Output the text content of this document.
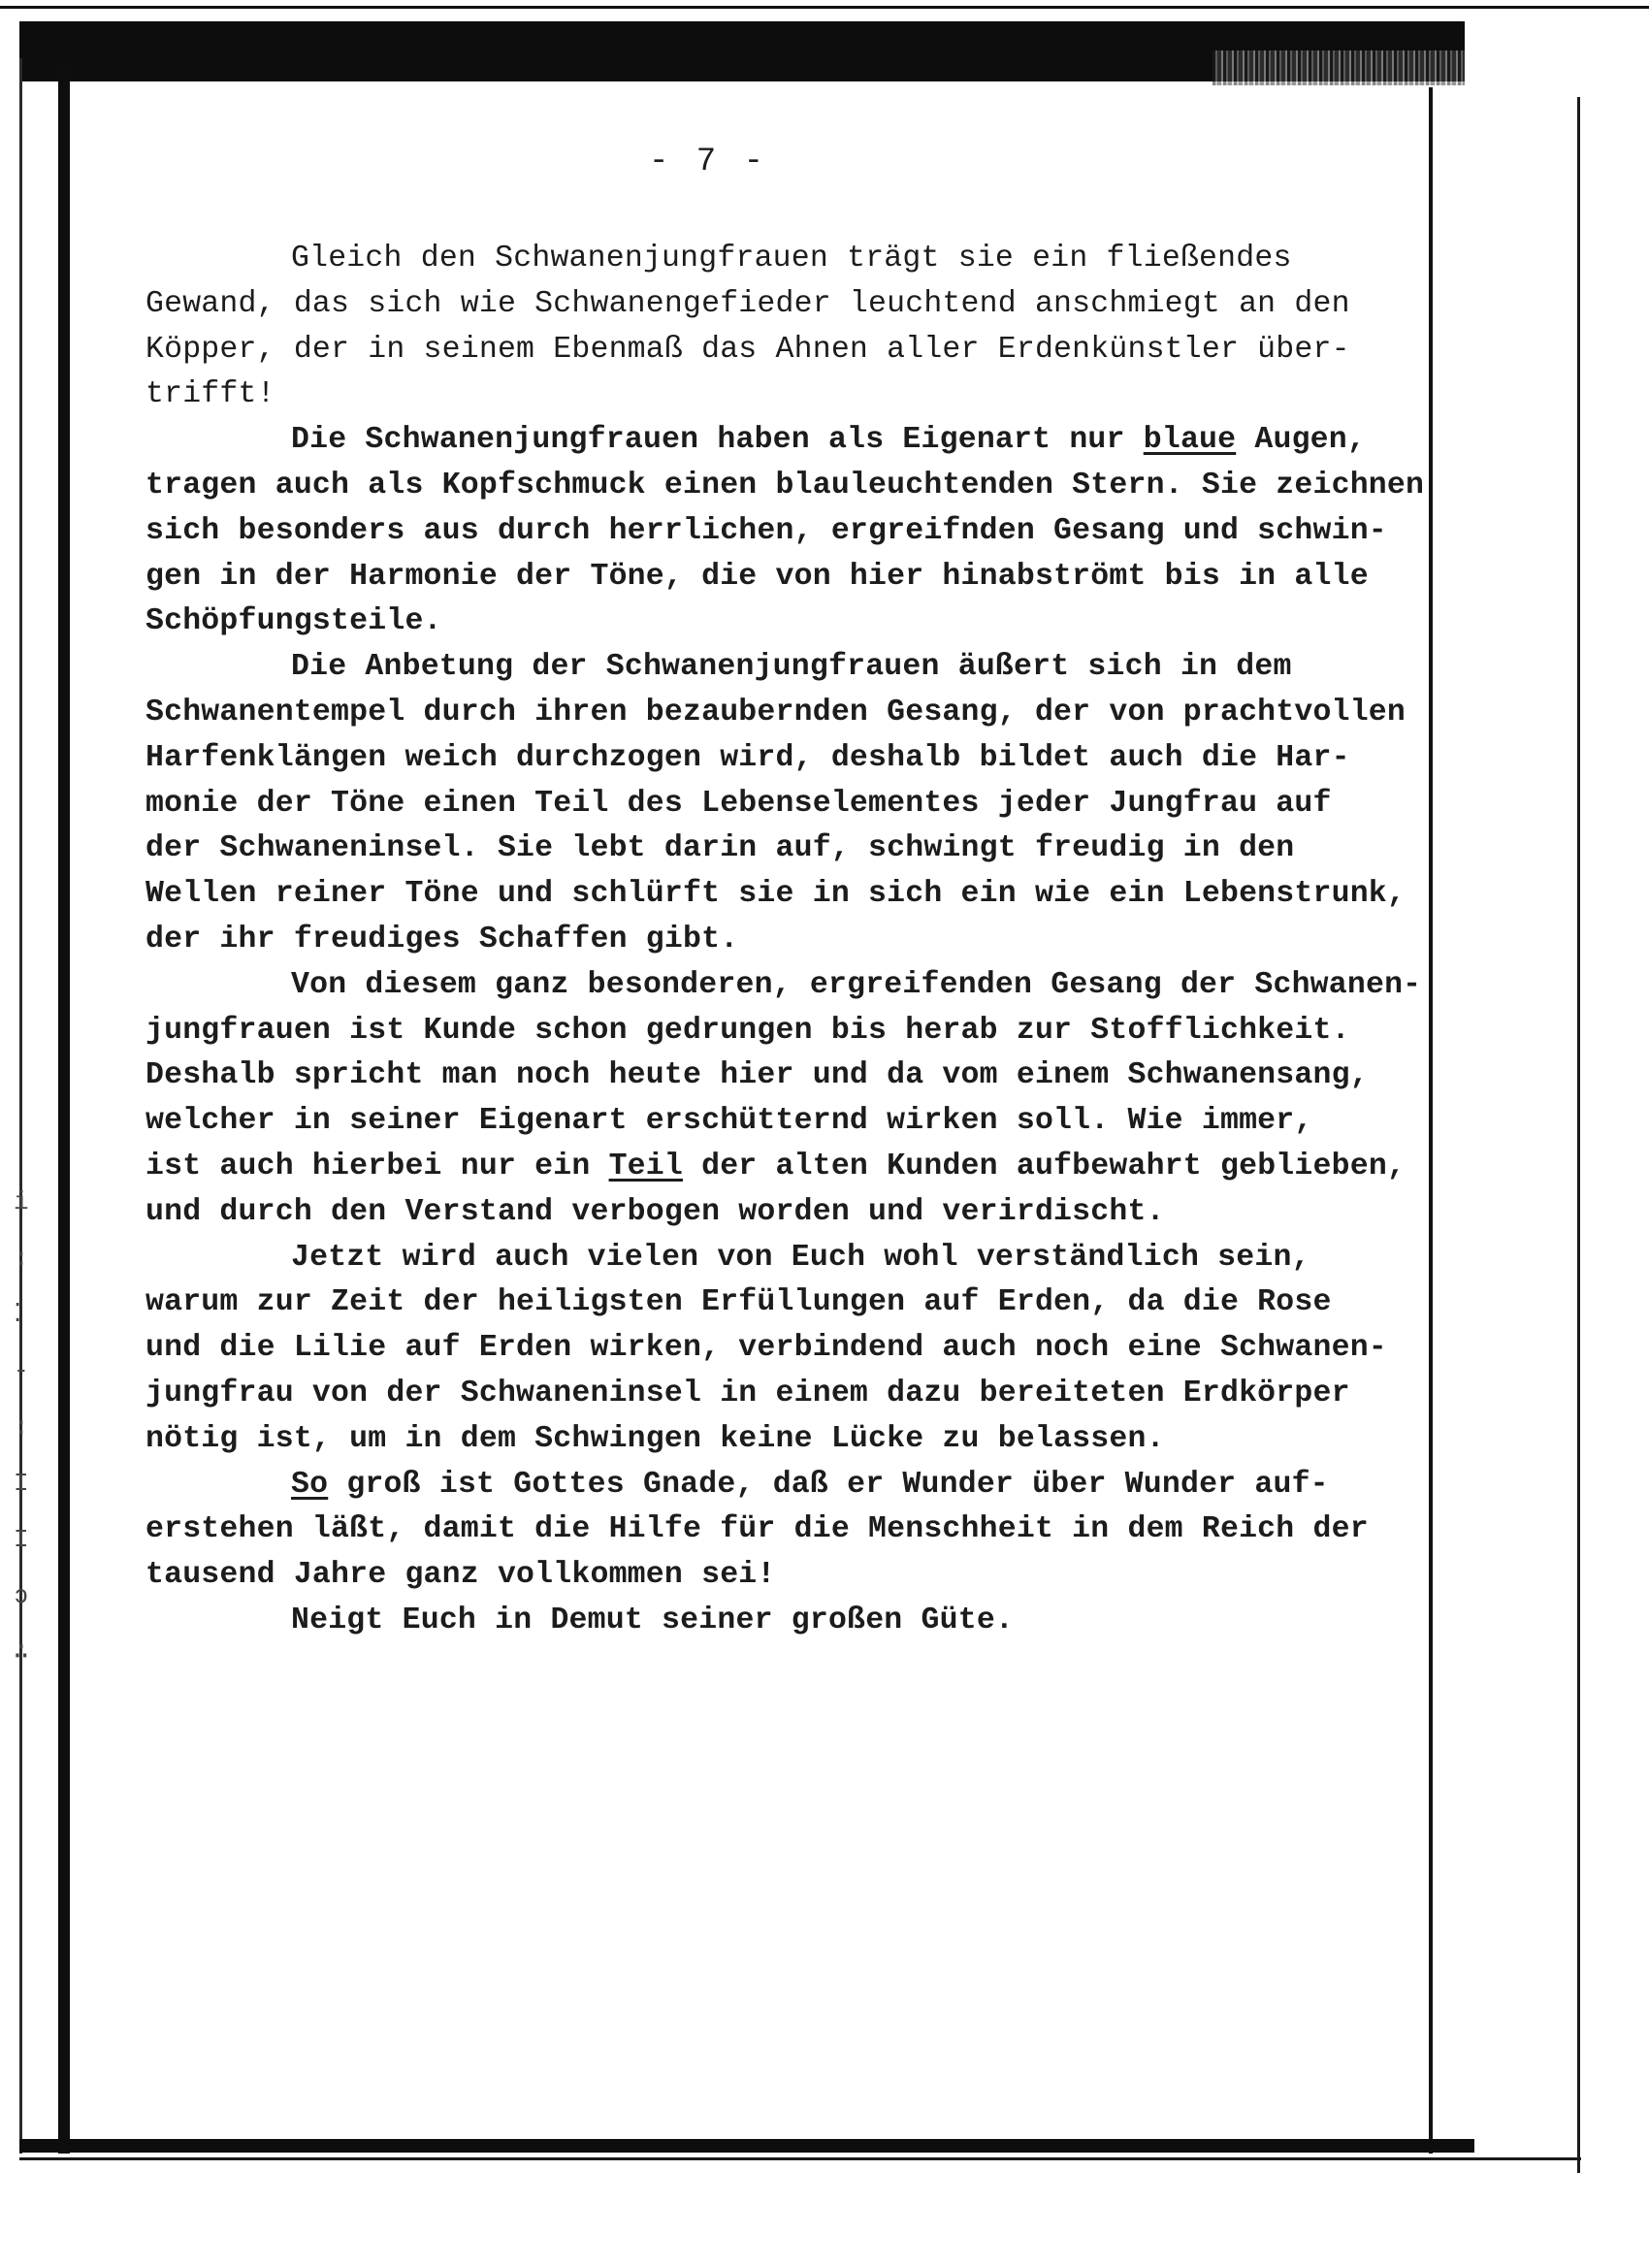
i
:
⁚
-
:
I
I
ↄ
∴
- 7 -
Gleich den Schwanenjungfrauen trägt sie ein fließendes
Gewand, das sich wie Schwanengefieder leuchtend anschmiegt an den
Köpper, der in seinem Ebenmaß das Ahnen aller Erdenkünstler über-
trifft!
Die Schwanenjungfrauen haben als Eigenart nur blaue Augen,
tragen auch als Kopfschmuck einen blauleuchtenden Stern. Sie zeichnen
sich besonders aus durch herrlichen, ergreifnden Gesang und schwin-
gen in der Harmonie der Töne, die von hier hinabströmt bis in alle
Schöpfungsteile.
Die Anbetung der Schwanenjungfrauen äußert sich in dem
Schwanentempel durch ihren bezaubernden Gesang, der von prachtvollen
Harfenklängen weich durchzogen wird, deshalb bildet auch die Har-
monie der Töne einen Teil des Lebenselementes jeder Jungfrau auf
der Schwaneninsel. Sie lebt darin auf, schwingt freudig in den
Wellen reiner Töne und schlürft sie in sich ein wie ein Lebenstrunk,
der ihr freudiges Schaffen gibt.
Von diesem ganz besonderen, ergreifenden Gesang der Schwanen-
jungfrauen ist Kunde schon gedrungen bis herab zur Stofflichkeit.
Deshalb spricht man noch heute hier und da vom einem Schwanensang,
welcher in seiner Eigenart erschütternd wirken soll. Wie immer,
ist auch hierbei nur ein Teil der alten Kunden aufbewahrt geblieben,
und durch den Verstand verbogen worden und verirdischt.
Jetzt wird auch vielen von Euch wohl verständlich sein,
warum zur Zeit der heiligsten Erfüllungen auf Erden, da die Rose
und die Lilie auf Erden wirken, verbindend auch noch eine Schwanen-
jungfrau von der Schwaneninsel in einem dazu bereiteten Erdkörper
nötig ist, um in dem Schwingen keine Lücke zu belassen.
So groß ist Gottes Gnade, daß er Wunder über Wunder auf-
erstehen läßt, damit die Hilfe für die Menschheit in dem Reich der
tausend Jahre ganz vollkommen sei!
Neigt Euch in Demut seiner großen Güte.
